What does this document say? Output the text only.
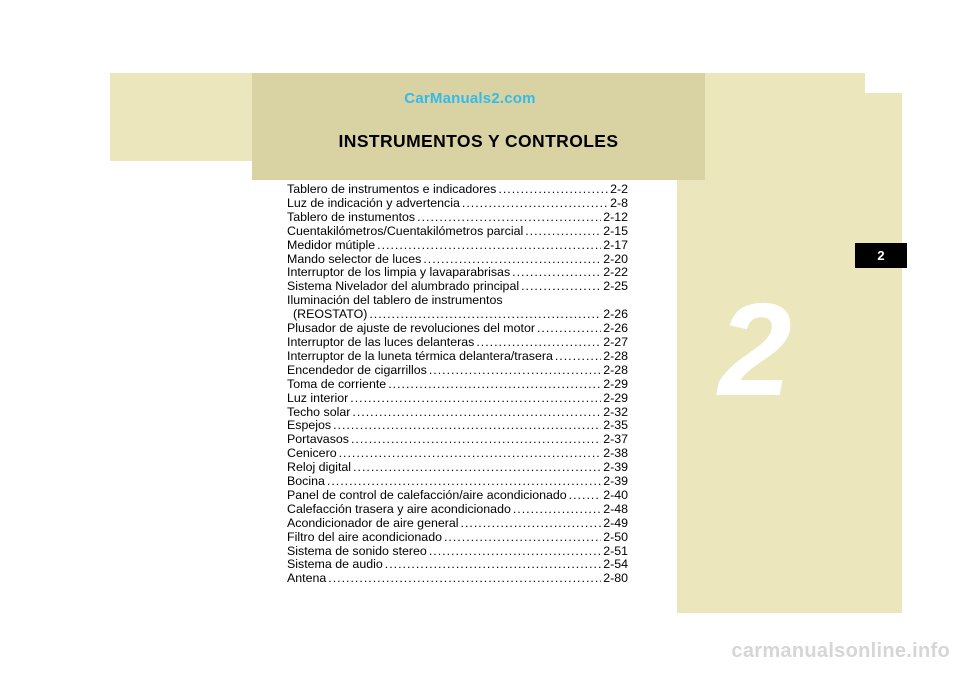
CarManuals2.com
INSTRUMENTOS Y CONTROLES
2
2
Tablero de instrumentos e indicadores .....	2-2
Luz de indicación y advertencia .....	2-8
Tablero de instumentos .....	2-12
Cuentakilómetros/Cuentakilómetros parcial .....	2-15
Medidor mútiple .....	2-17
Mando selector de luces .....	2-20
Interruptor de los limpia y lavaparabrisas .....	2-22
Sistema Nivelador del alumbrado principal .....	2-25
Iluminación del tablero de instrumentos
(REOSTATO) .....	2-26
Plusador de ajuste de revoluciones del motor .....	2-26
Interruptor de las luces delanteras .....	2-27
Interruptor de la luneta térmica delantera/trasera .....	2-28
Encendedor de cigarrillos .....	2-28
Toma de corriente .....	2-29
Luz interior .....	2-29
Techo solar .....	2-32
Espejos .....	2-35
Portavasos .....	2-37
Cenicero .....	2-38
Reloj digital .....	2-39
Bocina .....	2-39
Panel de control de calefacción/aire acondicionado .....	2-40
Calefacción trasera y aire acondicionado .....	2-48
Acondicionador de aire general .....	2-49
Filtro del aire acondicionado .....	2-50
Sistema de sonido stereo .....	2-51
Sistema de audio .....	2-54
Antena .....	2-80
carmanualsonline.info
